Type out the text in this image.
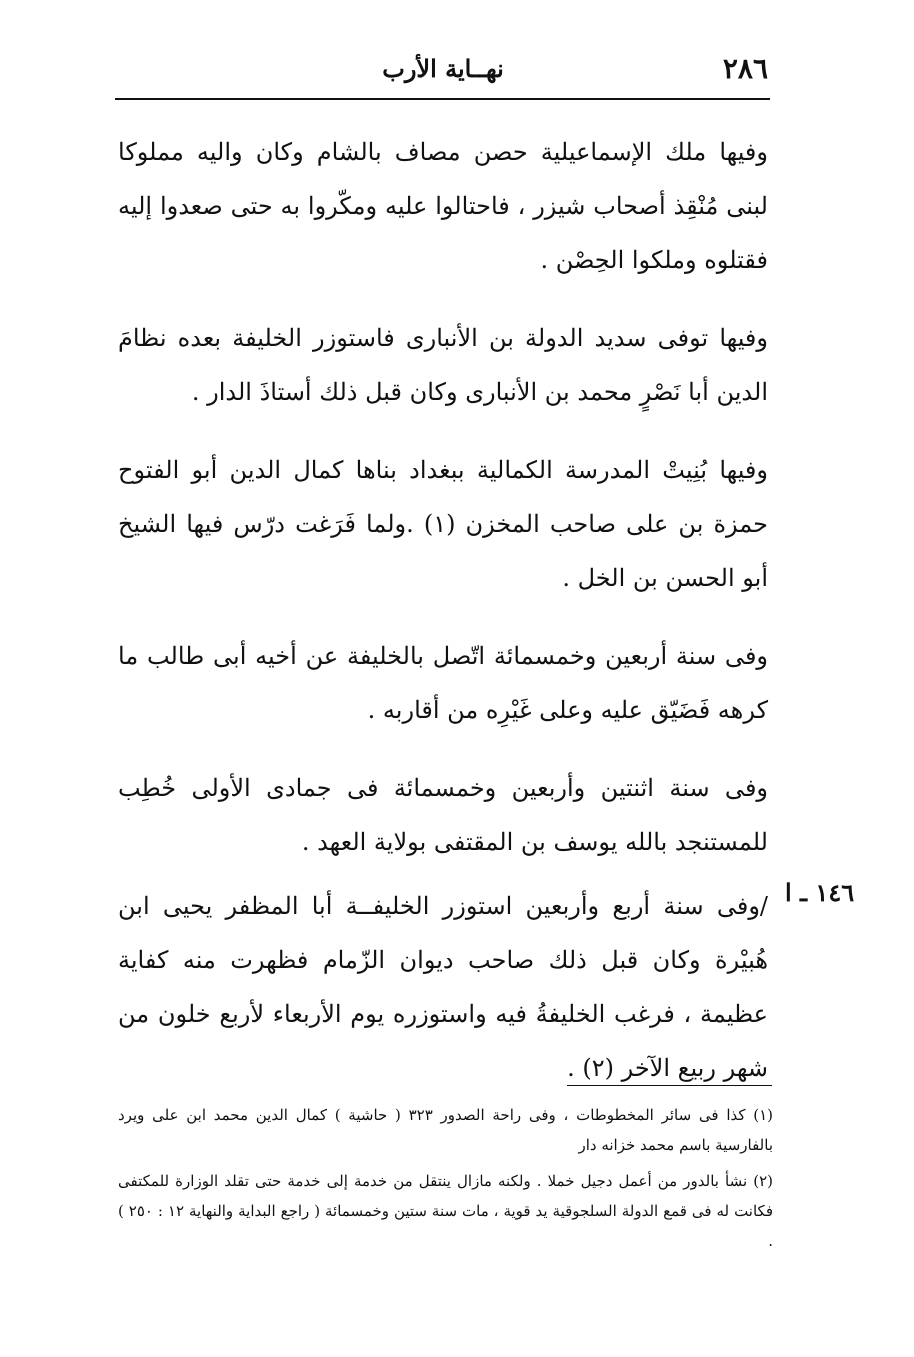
٢٨٦
نهــاية الأرب

وفيها ملك الإسماعيلية حصن مصاف بالشام وكان واليه مملوكا لبنى مُنْقِذ أصحاب شيزر ، فاحتالوا عليه ومكّروا به حتى صعدوا إليه فقتلوه وملكوا الحِصْن .

وفيها توفى سديد الدولة بن الأنبارى فاستوزر الخليفة بعده نظامَ الدين أبا نَصْرٍ محمد بن الأنبارى وكان قبل ذلك أستاذَ الدار .

وفيها بُنِيتْ المدرسة الكمالية ببغداد بناها كمال الدين أبو الفتوح حمزة بن على صاحب المخزن (١) .ولما فَرَغت درّس فيها الشيخ أبو الحسن بن الخل .

وفى سنة أربعين وخمسمائة اتّصل بالخليفة عن أخيه أبى طالب ما كرهه فَضَيّق عليه وعلى غَيْرِه من أقاربه .

وفى سنة اثنتين وأربعين وخمسمائة فى جمادى الأولى خُطِب للمستنجد بالله يوسف بن المقتفى بولاية العهد .

/وفى سنة أربع وأربعين استوزر الخليفــة أبا المظفر يحيى ابن هُبيْرة وكان قبل ذلك صاحب ديوان الزّمام فظهرت منه كفاية عظيمة ، فرغب الخليفةُ فيه واستوزره يوم الأربعاء لأربع خلون من شهر ربيع الآخر (٢) .

١٤٦ ـ ا

(١) كذا فى سائر المخطوطات ، وفى راحة الصدور ٣٢٣ ( حاشية ) كمال الدين محمد ابن على ويرد بالفارسية باسم محمد خزانه دار

(٢) نشأ بالدور من أعمل دجيل خملا . ولكنه مازال ينتقل من خدمة إلى خدمة حتى تقلد الوزارة للمكتفى فكانت له فى قمع الدولة السلجوقية يد قوية ، مات سنة ستين وخمسمائة ( راجع البداية والنهاية ١٢ : ٢٥٠ ) .
